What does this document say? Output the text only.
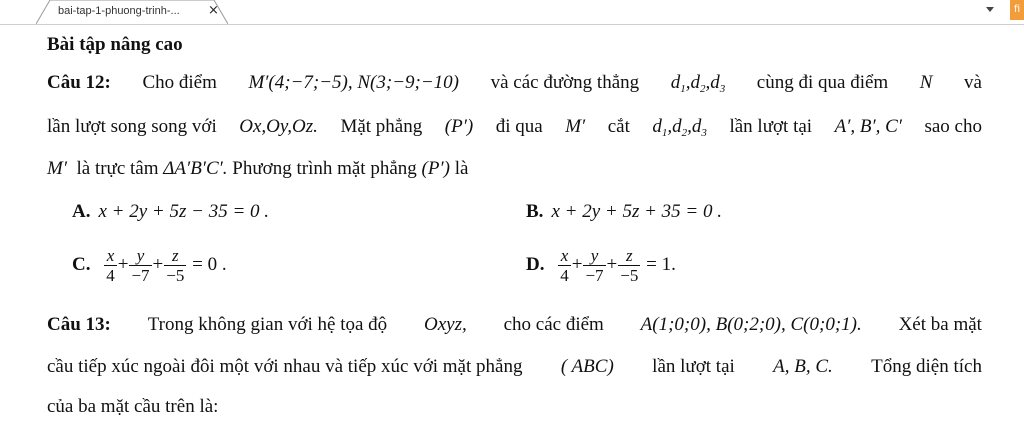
bai-tap-1-phuong-trinh-... ×	fi
Bài tập nâng cao
Câu 12: Cho điểm M′(4;−7;−5), N(3;−9;−10) và các đường thẳng $d_1,d_2,d_3$ cùng đi qua điểm N và
lần lượt song song với Ox,Oy,Oz. Mặt phẳng (P′) đi qua M′ cắt $d_1,d_2,d_3$ lần lượt tại A′, B′, C′ sao cho
M′ là trực tâm ΔA′B′C′. Phương trình mặt phẳng (P′) là
A. x + 2y + 5z − 35 = 0 .	B. x + 2y + 5z + 35 = 0 .
C. $\frac{x}{4} + \frac{y}{-7} + \frac{z}{-5} = 0$ .	D. $\frac{x}{4} + \frac{y}{-7} + \frac{z}{-5} = 1$.
Câu 13: Trong không gian với hệ tọa độ Oxyz, cho các điểm A(1;0;0), B(0;2;0), C(0;0;1). Xét ba mặt
cầu tiếp xúc ngoài đôi một với nhau và tiếp xúc với mặt phẳng ( ABC) lần lượt tại A, B, C. Tổng diện tích
của ba mặt cầu trên là:
